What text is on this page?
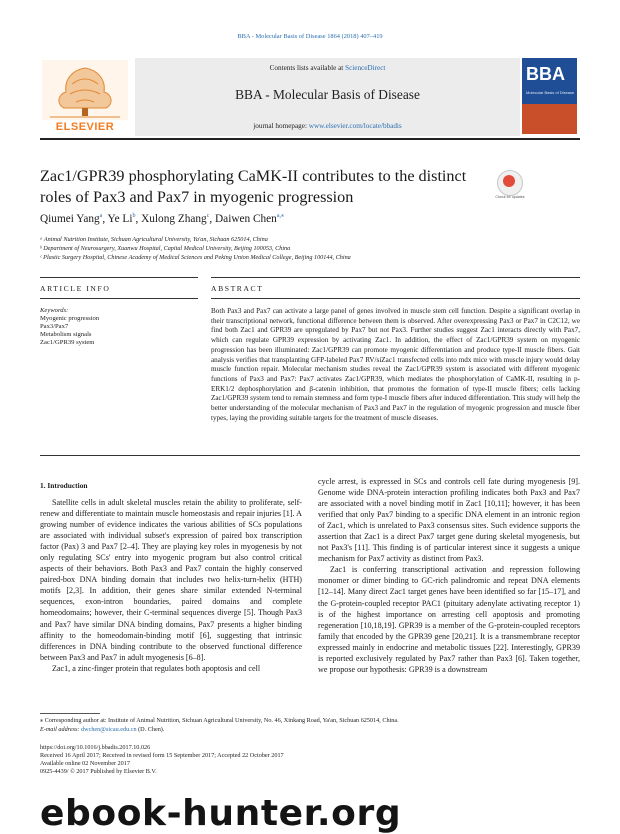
BBA - Molecular Basis of Disease 1864 (2018) 407–419
ELSEVIER
Contents lists available at ScienceDirect
BBA - Molecular Basis of Disease
journal homepage: www.elsevier.com/locate/bbadis
BBA
Molecular Basis of Disease
Zac1/GPR39 phosphorylating CaMK-II contributes to the distinct roles of Pax3 and Pax7 in myogenic progression	Check for updates
Qiumei Yang$^a$, Ye Li$^b$, Xulong Zhang$^c$, Daiwen Chen$^{a,⁎}$
ᵃ Animal Nutrition Institute, Sichuan Agricultural University, Ya'an, Sichuan 625014, China
ᵇ Department of Neurosurgery, Xuanwu Hospital, Capital Medical University, Beijing 100053, China
ᶜ Plastic Surgery Hospital, Chinese Academy of Medical Sciences and Peking Union Medical College, Beijing 100144, China
ARTICLE INFO	ABSTRACT
Keywords:
Myogenic progression
Pax3/Pax7
Metabolism signals
Zac1/GPR39 system

Both Pax3 and Pax7 can activate a large panel of genes involved in muscle stem cell function. Despite a significant overlap in their transcriptional network, functional difference between them is observed. After overexpressing Pax3 or Pax7 in C2C12, we find both Zac1 and GPR39 are upregulated by Pax7 but not Pax3. Further studies suggest Zac1 interacts directly with Pax7, which can regulate GPR39 expression by activating Zac1. In addition, the effect of Zac1/GPR39 system on myogenic progression has been illuminated: Zac1/GPR39 can promote myogenic differentiation and produce type-II muscle fibers. Gait analysis verifies that transplanting GFP-labeled Pax7 RV/siZac1 transfected cells into mdx mice with muscle injury would delay muscle function repair. Molecular mechanism studies reveal the Zac1/GPR39 system is associated with different myogenic functions of Pax3 and Pax7: Pax7 activates Zac1/GPR39, which mediates the phosphorylation of CaMK-II, resulting in p-ERK1/2 dephosphorylation and β-catenin inhibition, that promotes the formation of type-II muscle fibers; cells lacking Zac1/GPR39 system tend to remain stemness and form type-I muscle fibers after induced differentiation. This study will help the better understanding of the molecular mechanism of Pax3 and Pax7 in the regulation of myogenic progression and muscle fiber types, laying the providing suitable targets for the treatment of muscle diseases.

1. Introduction

Satellite cells in adult skeletal muscles retain the ability to proliferate, self-renew and differentiate to maintain muscle homeostasis and repair injuries [1]. A growing number of evidence indicates the various abilities of SCs populations are associated with individual subset's expression of paired box transcription factor (Pax) 3 and Pax7 [2–4]. They are playing key roles in myogenesis by not only regulating SCs' entry into myogenic program but also control critical aspects of their behaviors. Both Pax3 and Pax7 contain the highly conserved paired-box DNA binding domain that includes two helix-turn-helix (HTH) motifs [2,3]. In addition, their genes share similar extended N-terminal sequences, exon-intron boundaries, paired domains and complete homeodomains; however, their C-terminal sequences diverge [5]. Though Pax3 and Pax7 have similar DNA binding domains, Pax7 presents a higher binding affinity to the homeodomain-binding motif [6], suggesting that intrinsic differences in DNA binding contribute to the observed functional difference between Pax3 and Pax7 in adult myogenesis [6–8].

Zac1, a zinc-finger protein that regulates both apoptosis and cell

cycle arrest, is expressed in SCs and controls cell fate during myogenesis [9]. Genome wide DNA-protein interaction profiling indicates both Pax3 and Pax7 are associated with a novel binding motif in Zac1 [10,11]; however, it has been verified that only Pax7 binding to a specific DNA element in an intronic region of Zac1, which is unrelated to Pax3 consensus sites. Such evidence supports the assertion that Zac1 is a direct Pax7 target gene during skeletal myogenesis, but not Pax3's [11]. This finding is of particular interest since it suggests a unique mechanism for Pax7 activity as distinct from Pax3.

Zac1 is conferring transcriptional activation and repression following monomer or dimer binding to GC-rich palindromic and repeat DNA elements [12–14]. Many direct Zac1 target genes have been identified so far [15–17], and the G-protein-coupled receptor PAC1 (pituitary adenylate activating receptor 1) is of the highest importance on arresting cell apoptosis and promoting regeneration [10,18,19]. GPR39 is a member of the G-protein-coupled receptors family that encoded by the GPR39 gene [20,21]. It is a transmembrane receptor expressed mainly in endocrine and metabolic tissues [22]. Interestingly, GPR39 is reported exclusively regulated by Pax7 rather than Pax3 [6]. Taken together, we propose our hypothesis: GPR39 is a downstream

⁎ Corresponding author at: Institute of Animal Nutrition, Sichuan Agricultural University, No. 46, Xinkang Road, Ya'an, Sichuan 625014, China.
E-mail address: dwchen@sicau.edu.cn (D. Chen).
https://doi.org/10.1016/j.bbadis.2017.10.026
Received 16 April 2017; Received in revised form 15 September 2017; Accepted 22 October 2017
Available online 02 November 2017
0925-4439/ © 2017 Published by Elsevier B.V.
ebook-hunter.org
